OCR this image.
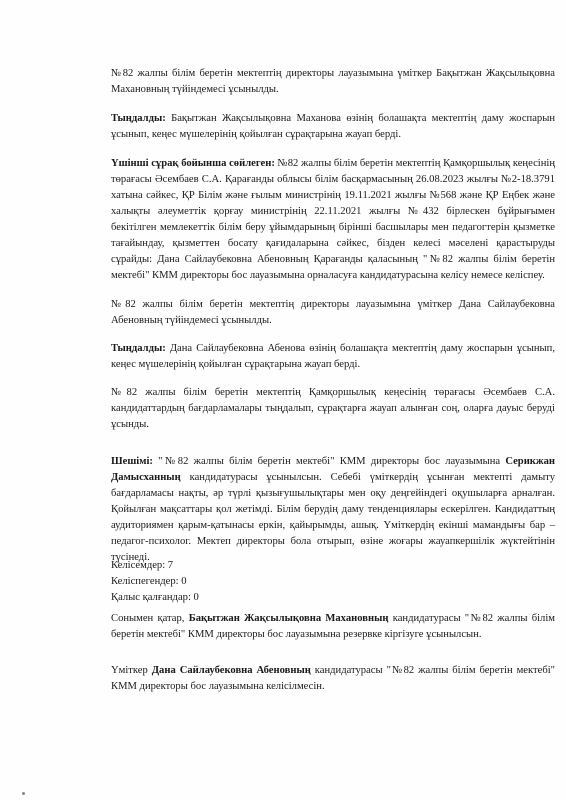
№82 жалпы білім беретін мектептің директоры лауазымына үміткер Бақытжан Жақсылықовна Махановның түйіндемесі ұсынылды.

Тыңдалды: Бақытжан Жақсылықовна Маханова өзінің болашақта мектептің даму жоспарын ұсынып, кеңес мүшелерінің қойылған сұрақтарына жауап берді.

Үшінші сұрақ бойынша сөйлеген: №82 жалпы білім беретін мектептің Қамқоршылық кеңесінің төрағасы Әсембаев С.А. Қарағанды облысы білім басқармасының 26.08.2023 жылғы №2-18.3791 хатына сәйкес, ҚР Білім және ғылым министрінің 19.11.2021 жылғы №568 және ҚР Еңбек және халықты әлеуметтік қорғау министрінің 22.11.2021 жылғы №432 бірлескен бұйрығымен бекітілген мемлекеттік білім беру ұйымдарының бірінші басшылары мен педагогтерін қызметке тағайындау, қызметтен босату қағидаларына сәйкес, бізден келесі мәселені қарастыруды сұрайды: Дана Сайлаубековна Абеновның Қарағанды қаласының "№82 жалпы білім беретін мектебі" КММ директоры бос лауазымына орналасуға кандидатурасына келісу немесе келіспеу.

№82 жалпы білім беретін мектептің директоры лауазымына үміткер Дана Сайлаубековна Абеновның түйіндемесі ұсынылды.

Тыңдалды: Дана Сайлаубековна Абенова өзінің болашақта мектептің даму жоспарын ұсынып, кеңес мүшелерінің қойылған сұрақтарына жауап берді.

№82 жалпы білім беретін мектептің Қамқоршылық кеңесінің төрағасы Әсембаев С.А. кандидаттардың бағдарламалары тыңдалып, сұрақтарға жауап алынған соң, оларға дауыс беруді ұсынды.

Шешімі: "№82 жалпы білім беретін мектебі" КММ директоры бос лауазымына Серикжан Дамысханның кандидатурасы ұсынылсын. Себебі үміткердің ұсынған мектепті дамыту бағдарламасы нақты, әр түрлі қызығушылықтары мен оқу деңгейіндегі оқушыларға арналған. Қойылған мақсаттары қол жетімді. Білім берудің даму тенденциялары ескерілген. Кандидаттың аудиториямен қарым-қатынасы еркін, қайырымды, ашық. Үміткердің екінші мамандығы бар – педагог-психолог. Мектеп директоры бола отырып, өзіне жоғары жауапкершілік жүктейтінін түсінеді.

Келісемдер: 7
Келіспегендер: 0
Қалыс қалғандар: 0

Сонымен қатар, Бақытжан Жақсылықовна Махановның кандидатурасы "№82 жалпы білім беретін мектебі" КММ директоры бос лауазымына резервке кіргізуге ұсынылсын.

Үміткер Дана Сайлаубековна Абеновның кандидатурасы "№82 жалпы білім беретін мектебі" КММ директоры бос лауазымына келісілмесін.
